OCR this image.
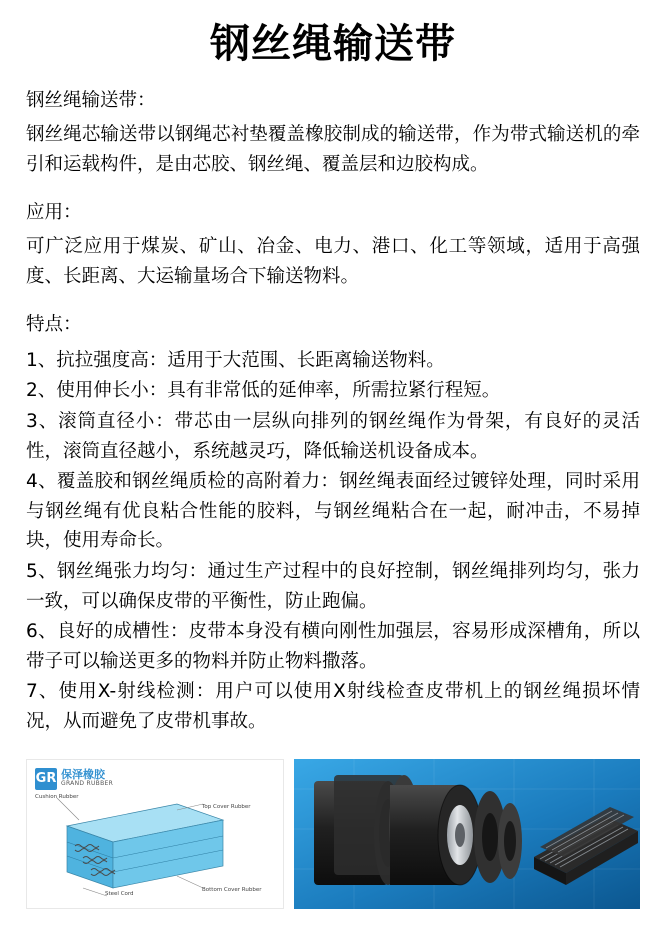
钢丝绳输送带

钢丝绳输送带：

钢丝绳芯输送带以钢绳芯衬垫覆盖橡胶制成的输送带，作为带式输送机的牵引和运载构件，是由芯胶、钢丝绳、覆盖层和边胶构成。

应用：

可广泛应用于煤炭、矿山、冶金、电力、港口、化工等领域，适用于高强度、长距离、大运输量场合下输送物料。

特点：

1、抗拉强度高：适用于大范围、长距离输送物料。
2、使用伸长小：具有非常低的延伸率，所需拉紧行程短。
3、滚筒直径小：带芯由一层纵向排列的钢丝绳作为骨架，有良好的灵活性，滚筒直径越小，系统越灵巧，降低输送机设备成本。
4、覆盖胶和钢丝绳质检的高附着力：钢丝绳表面经过镀锌处理，同时采用与钢丝绳有优良粘合性能的胶料，与钢丝绳粘合在一起，耐冲击，不易掉块，使用寿命长。
5、钢丝绳张力均匀：通过生产过程中的良好控制，钢丝绳排列均匀，张力一致，可以确保皮带的平衡性，防止跑偏。
6、良好的成槽性：皮带本身没有横向刚性加强层，容易形成深槽角，所以带子可以输送更多的物料并防止物料撒落。
7、使用X-射线检测：用户可以使用X射线检查皮带机上的钢丝绳损坏情况，从而避免了皮带机事故。
GR 保泽橡胶
GRAND RUBBER
Cushion Rubber
Top Cover Rubber
Bottom Cover Rubber
Steel Cord
